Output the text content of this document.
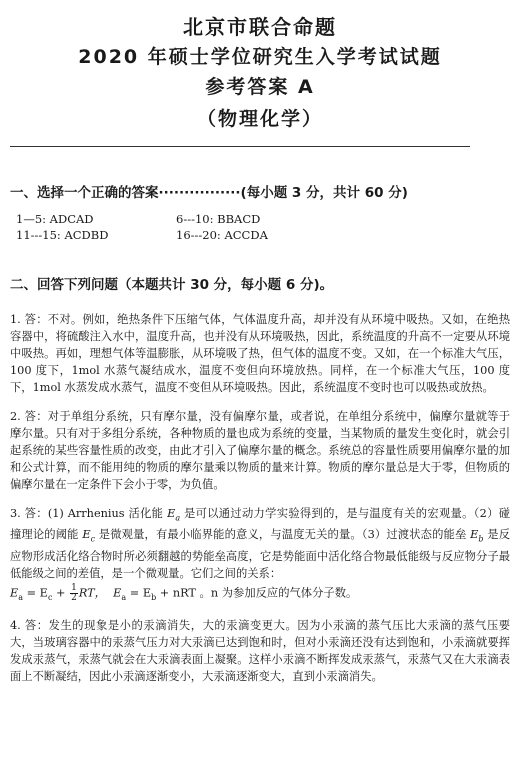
北京市联合命题
2020 年硕士学位研究生入学考试试题
参考答案 A
（物理化学）
一、选择一个正确的答案················(每小题 3 分，共计 60 分)
1—5: ADCAD	6---10: BBACD
11---15: ACDBD	16---20: ACCDA
二、回答下列问题（本题共计 30 分，每小题 6 分)。

1. 答：不对。例如，绝热条件下压缩气体，气体温度升高，却并没有从环境中吸热。又如，在绝热容器中，将硫酸注入水中，温度升高，也并没有从环境吸热，因此，系统温度的升高不一定要从环境中吸热。再如，理想气体等温膨胀，从环境吸了热，但气体的温度不变。又如，在一个标准大气压，100 度下，1mol 水蒸气凝结成水，温度不变但向环境放热。同样，在一个标准大气压，100 度下，1mol 水蒸发成水蒸气，温度不变但从环境吸热。因此，系统温度不变时也可以吸热或放热。

2. 答：对于单组分系统，只有摩尔量，没有偏摩尔量，或者说，在单组分系统中，偏摩尔量就等于摩尔量。只有对于多组分系统，各种物质的量也成为系统的变量，当某物质的量发生变化时，就会引起系统的某些容量性质的改变，由此才引入了偏摩尔量的概念。系统总的容量性质要用偏摩尔量的加和公式计算，而不能用纯的物质的摩尔量乘以物质的量来计算。物质的摩尔量总是大于零，但物质的偏摩尔量在一定条件下会小于零，为负值。

3. 答：(1) Arrhenius 活化能 $E_a$ 是可以通过动力学实验得到的，是与温度有关的宏观量。（2）碰撞理论的阈能 $E_c$ 是微观量，有最小临界能的意义，与温度无关的量。（3）过渡状态的能垒 $E_b$ 是反应物形成活化络合物时所必须翻越的势能垒高度，它是势能面中活化络合物最低能级与反应物分子最低能级之间的差值，是一个微观量。它们之间的关系：

$E_a = E_c + \frac{1}{2}$ RT， $E_a = E_b$ + nRT 。n 为参加反应的气体分子数。

4. 答：发生的现象是小的汞滴消失，大的汞滴变更大。因为小汞滴的蒸气压比大汞滴的蒸气压要大，当玻璃容器中的汞蒸气压力对大汞滴已达到饱和时，但对小汞滴还没有达到饱和，小汞滴就要挥发成汞蒸气，汞蒸气就会在大汞滴表面上凝聚。这样小汞滴不断挥发成汞蒸气，汞蒸气又在大汞滴表面上不断凝结，因此小汞滴逐渐变小，大汞滴逐渐变大，直到小汞滴消失。
